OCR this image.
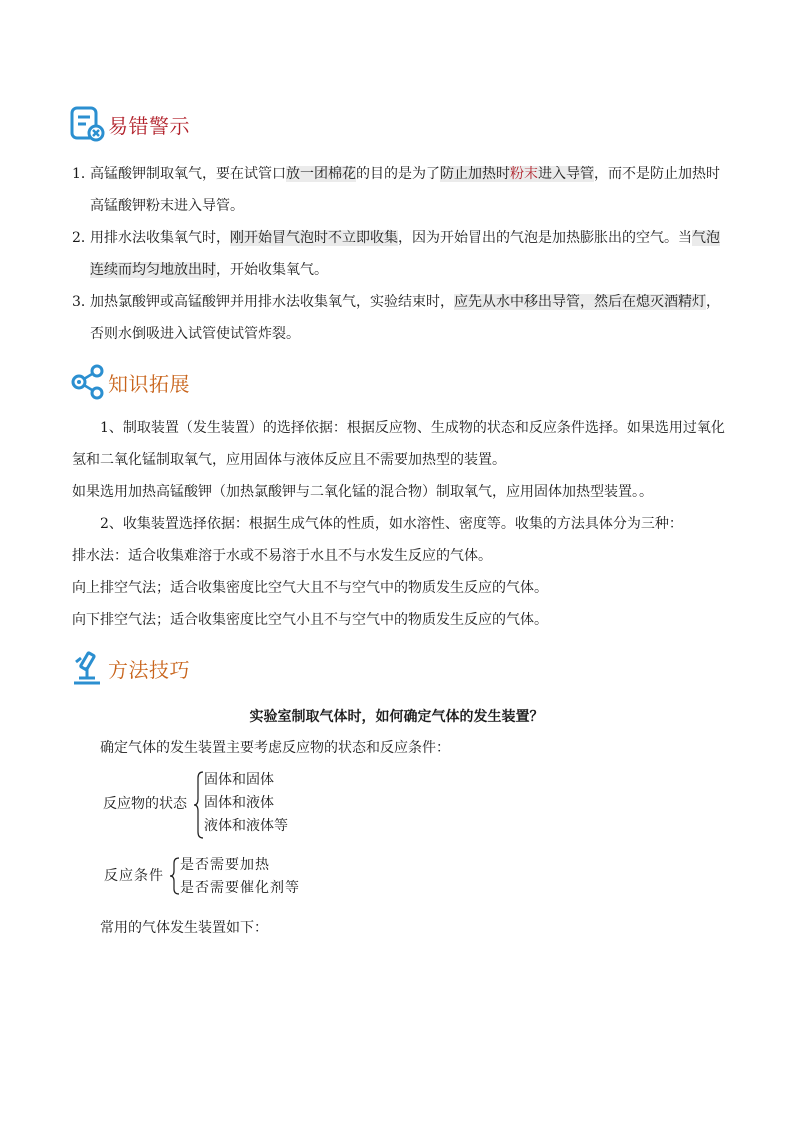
易错警示
1．高锰酸钾制取氧气，要在试管口放一团棉花的目的是为了防止加热时粉末进入导管，而不是防止加热时
高锰酸钾粉末进入导管。
2．用排水法收集氧气时，刚开始冒气泡时不立即收集，因为开始冒出的气泡是加热膨胀出的空气。当气泡
连续而均匀地放出时，开始收集氧气。
3．加热氯酸钾或高锰酸钾并用排水法收集氧气，实验结束时，应先从水中移出导管，然后在熄灭酒精灯，
否则水倒吸进入试管使试管炸裂。
知识拓展
1、制取装置（发生装置）的选择依据：根据反应物、生成物的状态和反应条件选择。如果选用过氧化
氢和二氧化锰制取氧气，应用固体与液体反应且不需要加热型的装置。
如果选用加热高锰酸钾（加热氯酸钾与二氧化锰的混合物）制取氧气，应用固体加热型装置。。
2、收集装置选择依据：根据生成气体的性质，如水溶性、密度等。收集的方法具体分为三种：
排水法：适合收集难溶于水或不易溶于水且不与水发生反应的气体。
向上排空气法；适合收集密度比空气大且不与空气中的物质发生反应的气体。
向下排空气法；适合收集密度比空气小且不与空气中的物质发生反应的气体。
方法技巧
实验室制取气体时，如何确定气体的发生装置？
确定气体的发生装置主要考虑反应物的状态和反应条件：
反应物的状态
固体和固体
固体和液体
液体和液体等
反应条件
是否需要加热
是否需要催化剂等
常用的气体发生装置如下：
